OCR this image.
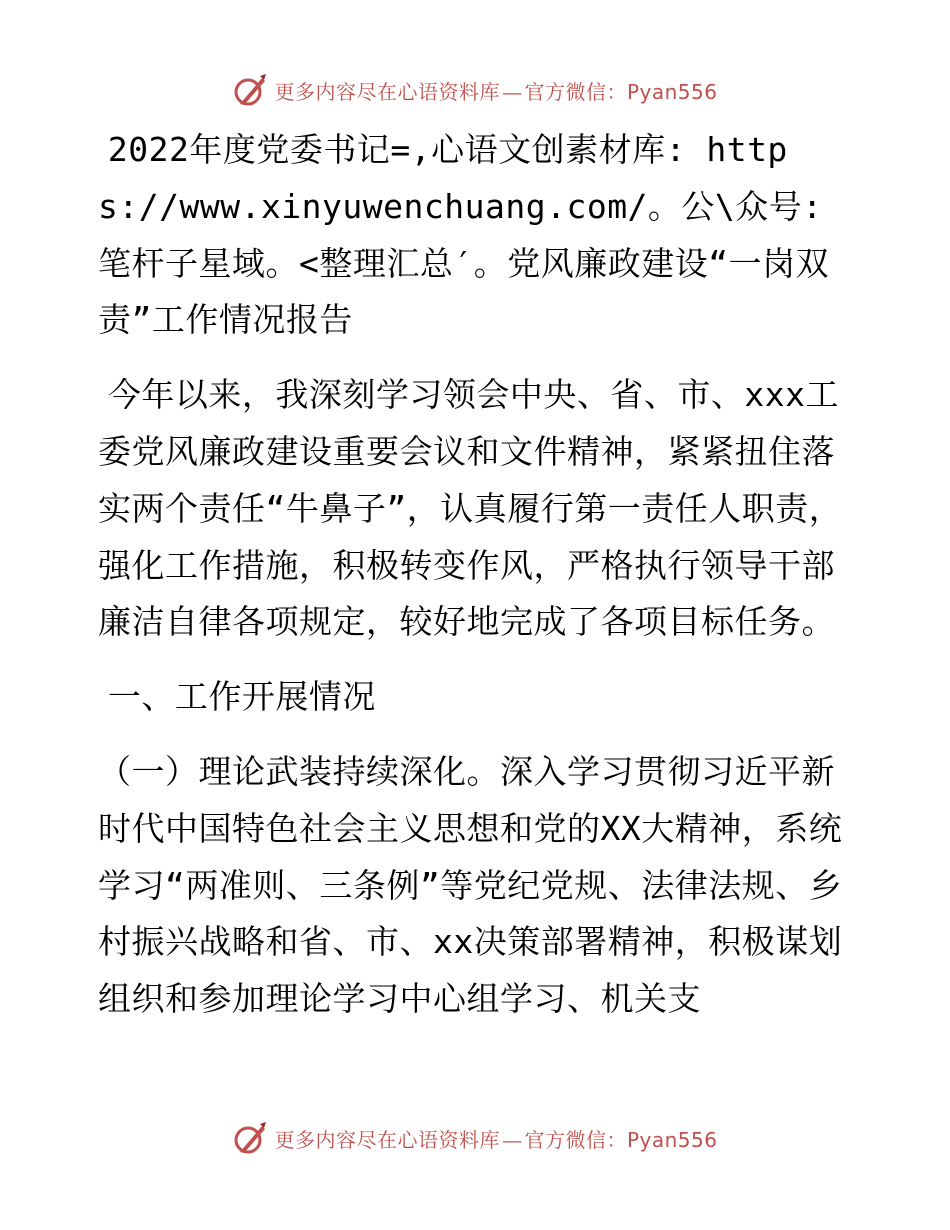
更多内容尽在心语资料库 — 官方微信：Pyan556

2022年度党委书记=,心语文创素材库: https://www.xinyuwenchuang.com/。公\众号: 笔杆子星域。<整理汇总′。党风廉政建设“一岗双责”工作情况报告

今年以来，我深刻学习领会中央、省、市、xxx工委党风廉政建设重要会议和文件精神，紧紧扭住落实两个责任“牛鼻子”，认真履行第一责任人职责，强化工作措施，积极转变作风，严格执行领导干部廉洁自律各项规定，较好地完成了各项目标任务。

一、工作开展情况

（一）理论武装持续深化。深入学习贯彻习近平新时代中国特色社会主义思想和党的XX大精神，系统学习“两准则、三条例”等党纪党规、法律法规、乡村振兴战略和省、市、xx决策部署精神，积极谋划组织和参加理论学习中心组学习、机关支

更多内容尽在心语资料库 — 官方微信：Pyan556
